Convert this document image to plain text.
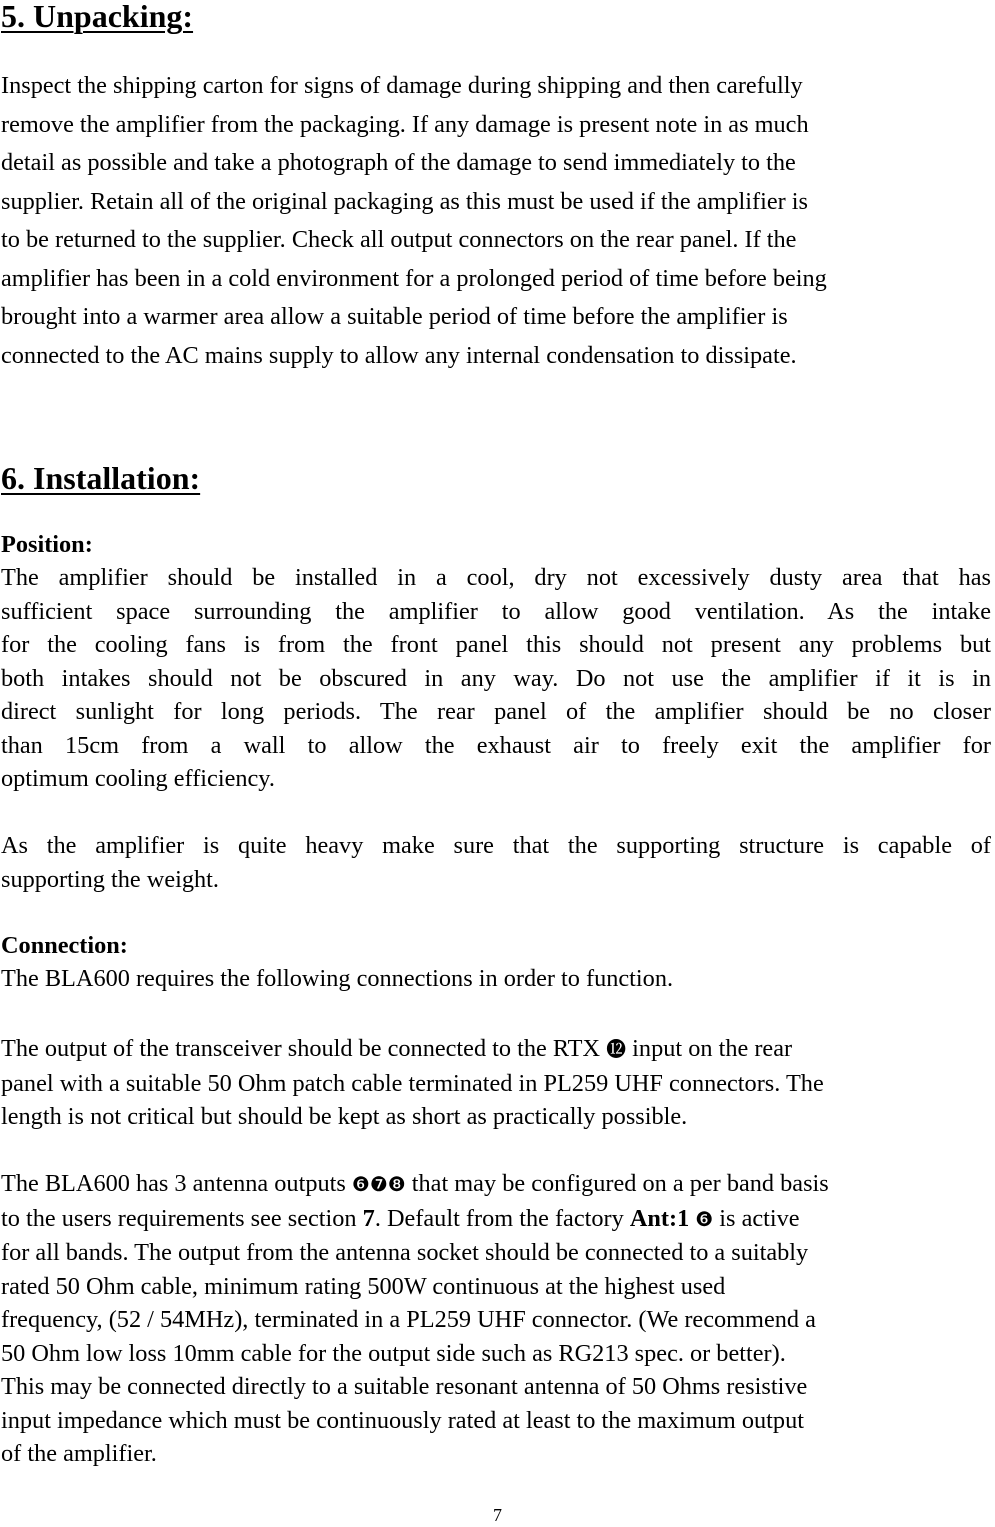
5. Unpacking:
Inspect the shipping carton for signs of damage during shipping and then carefully
remove the amplifier from the packaging. If any damage is present note in as much
detail as possible and take a photograph of the damage to send immediately to the
supplier. Retain all of the original packaging as this must be used if the amplifier is
to be returned to the supplier. Check all output connectors on the rear panel. If the
amplifier has been in a cold environment for a prolonged period of time before being
brought into a warmer area allow a suitable period of time before the amplifier is
connected to the AC mains supply to allow any internal condensation to dissipate.
6. Installation:
Position:
The amplifier should be installed in a cool, dry not excessively dusty area that has
sufficient space surrounding the amplifier to allow good ventilation. As the intake
for the cooling fans is from the front panel this should not present any problems but
both intakes should not be obscured in any way. Do not use the amplifier if it is in
direct sunlight for long periods. The rear panel of the amplifier should be no closer
than 15cm from a wall to allow the exhaust air to freely exit the amplifier for
optimum cooling efficiency.
As the amplifier is quite heavy make sure that the supporting structure is capable of
supporting the weight.
Connection:
The BLA600 requires the following connections in order to function.
The output of the transceiver should be connected to the RTX ⓬ input on the rear
panel with a suitable 50 Ohm patch cable terminated in PL259 UHF connectors. The
length is not critical but should be kept as short as practically possible.
The BLA600 has 3 antenna outputs ❻❼❽ that may be configured on a per band basis
to the users requirements see section 7. Default from the factory Ant:1 ❻ is active
for all bands. The output from the antenna socket should be connected to a suitably
rated 50 Ohm cable, minimum rating 500W continuous at the highest used
frequency, (52 / 54MHz), terminated in a PL259 UHF connector. (We recommend a
50 Ohm low loss 10mm cable for the output side such as RG213 spec. or better).
This may be connected directly to a suitable resonant antenna of 50 Ohms resistive
input impedance which must be continuously rated at least to the maximum output
of the amplifier.
7
